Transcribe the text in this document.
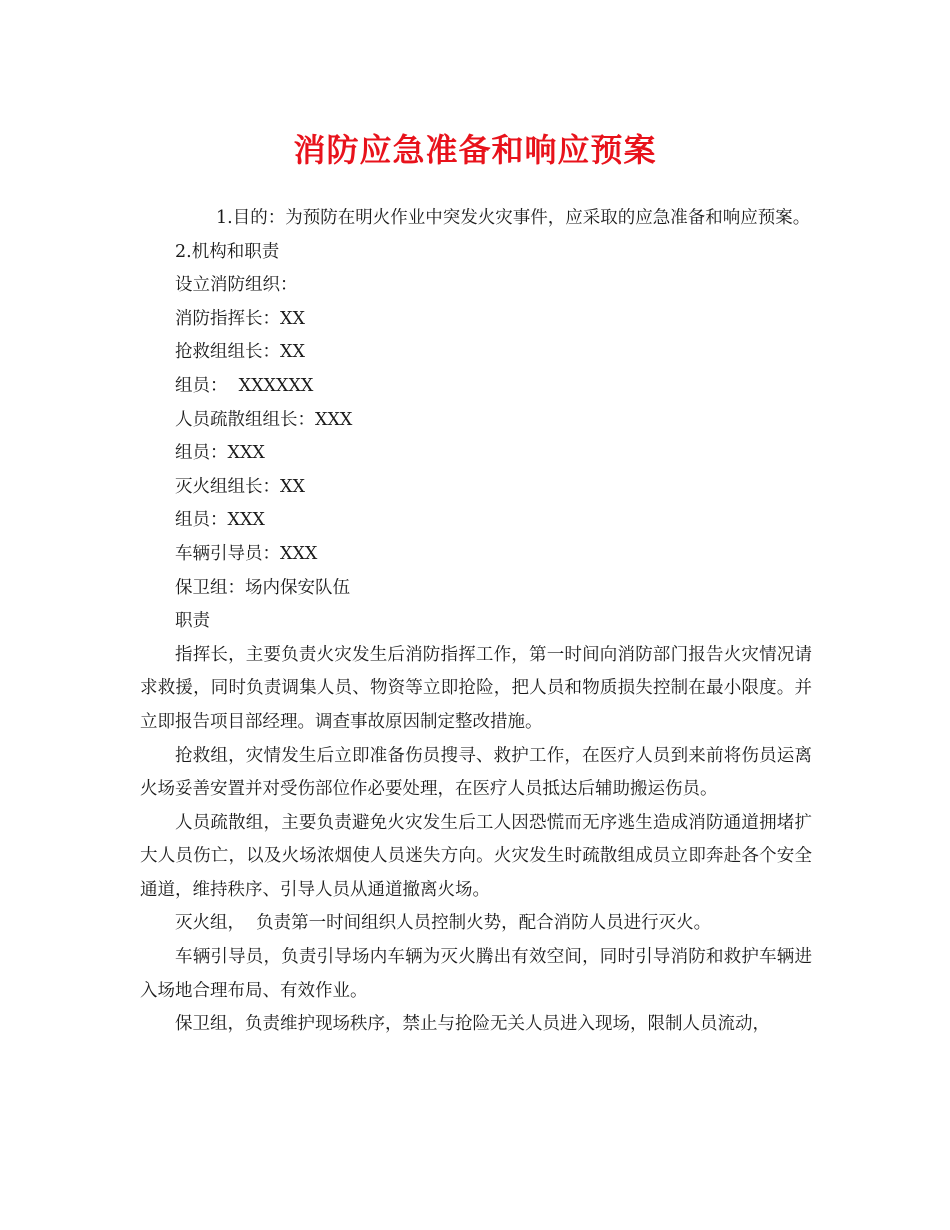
消防应急准备和响应预案

1.目的：为预防在明火作业中突发火灾事件，应采取的应急准备和响应预案。

2.机构和职责

设立消防组织：

消防指挥长：XX

抢救组组长：XX

组员：  XXXXXX

人员疏散组组长：XXX

组员：XXX

灭火组组长：XX

组员：XXX

车辆引导员：XXX

保卫组：场内保安队伍

职责

指挥长，主要负责火灾发生后消防指挥工作，第一时间向消防部门报告火灾情况请求救援，同时负责调集人员、物资等立即抢险，把人员和物质损失控制在最小限度。并立即报告项目部经理。调查事故原因制定整改措施。

抢救组，灾情发生后立即准备伤员搜寻、救护工作，在医疗人员到来前将伤员运离火场妥善安置并对受伤部位作必要处理，在医疗人员抵达后辅助搬运伤员。

人员疏散组，主要负责避免火灾发生后工人因恐慌而无序逃生造成消防通道拥堵扩大人员伤亡，以及火场浓烟使人员迷失方向。火灾发生时疏散组成员立即奔赴各个安全通道，维持秩序、引导人员从通道撤离火场。

灭火组，  负责第一时间组织人员控制火势，配合消防人员进行灭火。

车辆引导员，负责引导场内车辆为灭火腾出有效空间，同时引导消防和救护车辆进入场地合理布局、有效作业。

保卫组，负责维护现场秩序，禁止与抢险无关人员进入现场，限制人员流动，
